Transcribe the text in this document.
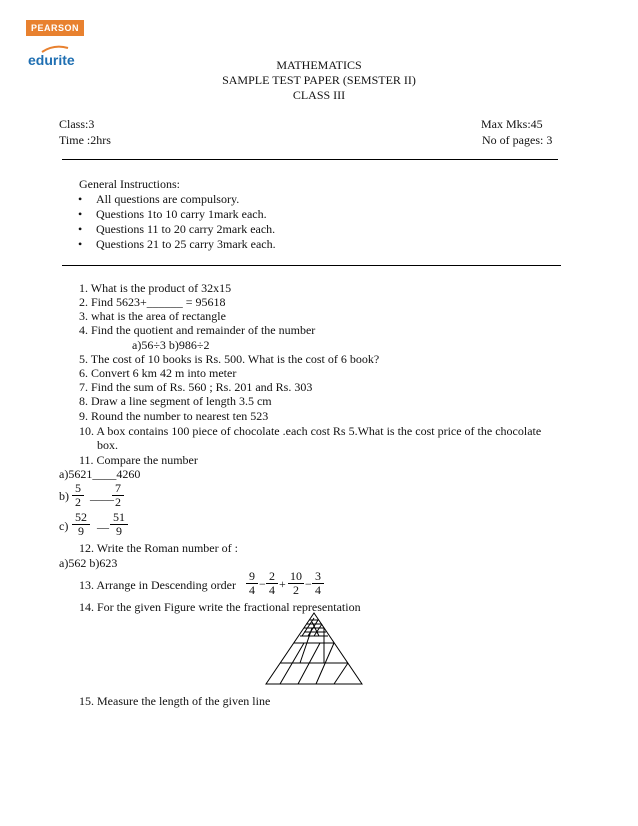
PEARSON
edurite	MATHEMATICS
SAMPLE TEST PAPER (SEMSTER II)
CLASS III
Class:3
Time :2hrs
Max Mks:45
No of pages: 3
General Instructions:
• All questions are compulsory.
• Questions 1to 10 carry 1mark each.
• Questions 11 to 20 carry 2mark each.
• Questions 21 to 25 carry 3mark each.
1. What is the product of 32x15
2. Find 5623+______ = 95618
3. what is the area of rectangle
4. Find the quotient and remainder of the number
a)56÷3 b)986÷2
5. The cost of 10 books is Rs. 500. What is the cost of 6 book?
6. Convert 6 km 42 m into meter
7. Find the sum of Rs. 560 ; Rs. 201 and Rs. 303
8. Draw a line segment of length 3.5 cm
9. Round the number to nearest ten 523
10. A box contains 100 piece of chocolate .each cost Rs 5.What is the cost price of the chocolate
box.
11. Compare the number
a)5621____4260
$b) \frac{5}{2}$ ____
$\frac{7}{2}$
$c) \frac{52}{9}$ __ $\frac{51}{9}$
12. Write the Roman number of :
a)562 b)623
13. Arrange in Descending order $\frac{9}{4} - \frac{2}{4} + \frac{10}{2} - \frac{3}{4}$
14. For the given Figure write the fractional representation
15. Measure the length of the given line
